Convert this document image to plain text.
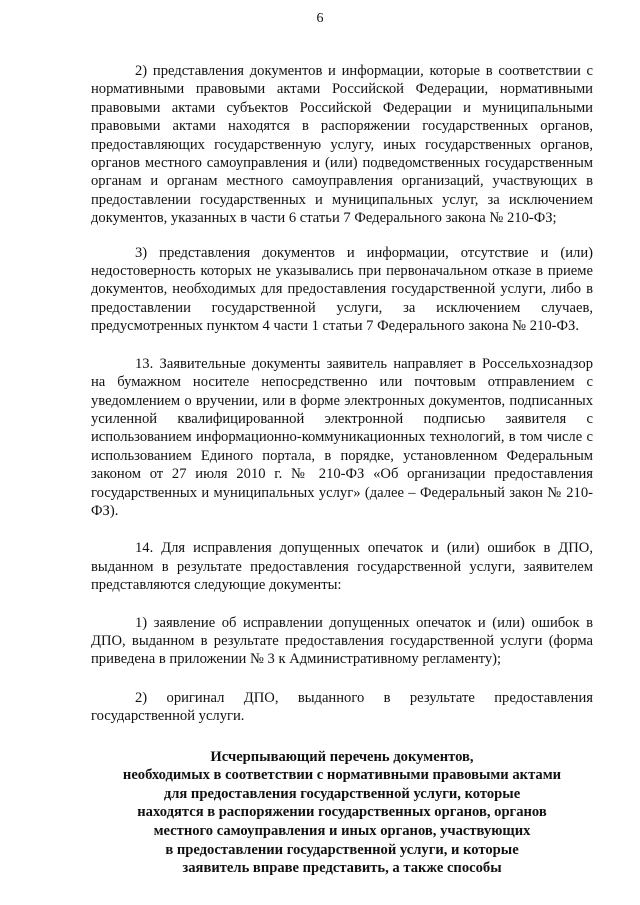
6

2) представления документов и информации, которые в соответствии с нормативными правовыми актами Российской Федерации, нормативными правовыми актами субъектов Российской Федерации и муниципальными правовыми актами находятся в распоряжении государственных органов, предоставляющих государственную услугу, иных государственных органов, органов местного самоуправления и (или) подведомственных государственным органам и органам местного самоуправления организаций, участвующих в предоставлении государственных и муниципальных услуг, за исключением документов, указанных в части 6 статьи 7 Федерального закона № 210-ФЗ;

3) представления документов и информации, отсутствие и (или) недостоверность которых не указывались при первоначальном отказе в приеме документов, необходимых для предоставления государственной услуги, либо в предоставлении государственной услуги, за исключением случаев, предусмотренных пунктом 4 части 1 статьи 7 Федерального закона № 210-ФЗ.

13. Заявительные документы заявитель направляет в Россельхознадзор на бумажном носителе непосредственно или почтовым отправлением с уведомлением о вручении, или в форме электронных документов, подписанных усиленной квалифицированной электронной подписью заявителя с использованием информационно-коммуникационных технологий, в том числе с использованием Единого портала, в порядке, установленном Федеральным законом от 27 июля 2010 г. № 210-ФЗ «Об организации предоставления государственных и муниципальных услуг» (далее – Федеральный закон № 210-ФЗ).

14. Для исправления допущенных опечаток и (или) ошибок в ДПО, выданном в результате предоставления государственной услуги, заявителем представляются следующие документы:

1) заявление об исправлении допущенных опечаток и (или) ошибок в ДПО, выданном в результате предоставления государственной услуги (форма приведена в приложении № 3 к Административному регламенту);

2) оригинал ДПО, выданного в результате предоставления государственной услуги.

Исчерпывающий перечень документов,
необходимых в соответствии с нормативными правовыми актами
для предоставления государственной услуги, которые
находятся в распоряжении государственных органов, органов
местного самоуправления и иных органов, участвующих
в предоставлении государственной услуги, и которые
заявитель вправе представить, а также способы
